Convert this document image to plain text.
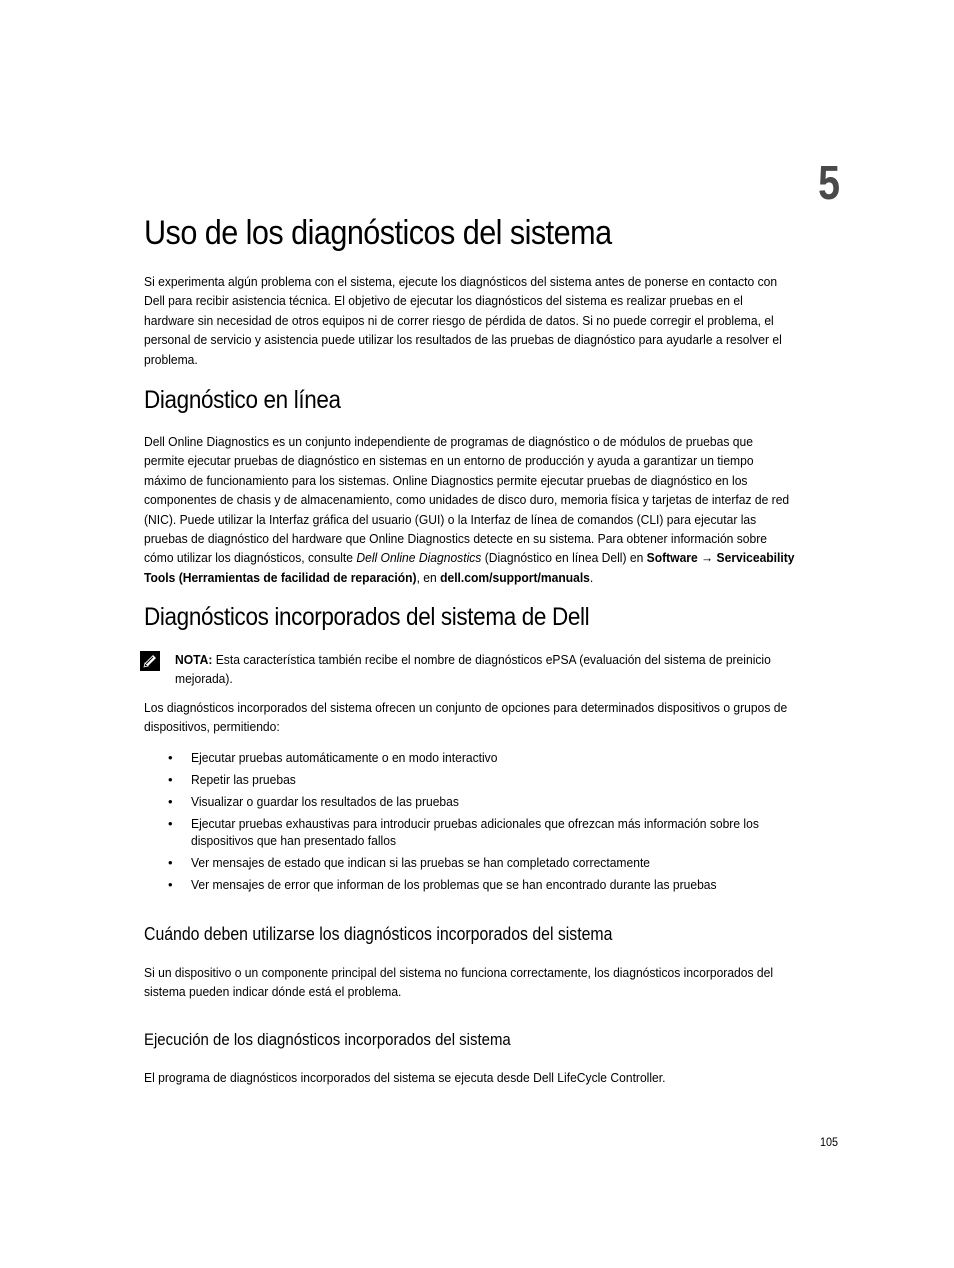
5
Uso de los diagnósticos del sistema
Si experimenta algún problema con el sistema, ejecute los diagnósticos del sistema antes de ponerse en contacto con
Dell para recibir asistencia técnica. El objetivo de ejecutar los diagnósticos del sistema es realizar pruebas en el
hardware sin necesidad de otros equipos ni de correr riesgo de pérdida de datos. Si no puede corregir el problema, el
personal de servicio y asistencia puede utilizar los resultados de las pruebas de diagnóstico para ayudarle a resolver el
problema.
Diagnóstico en línea
Dell Online Diagnostics es un conjunto independiente de programas de diagnóstico o de módulos de pruebas que
permite ejecutar pruebas de diagnóstico en sistemas en un entorno de producción y ayuda a garantizar un tiempo
máximo de funcionamiento para los sistemas. Online Diagnostics permite ejecutar pruebas de diagnóstico en los
componentes de chasis y de almacenamiento, como unidades de disco duro, memoria física y tarjetas de interfaz de red
(NIC). Puede utilizar la Interfaz gráfica del usuario (GUI) o la Interfaz de línea de comandos (CLI) para ejecutar las
pruebas de diagnóstico del hardware que Online Diagnostics detecte en su sistema. Para obtener información sobre
cómo utilizar los diagnósticos, consulte Dell Online Diagnostics (Diagnóstico en línea Dell) en Software → Serviceability
Tools (Herramientas de facilidad de reparación), en dell.com/support/manuals.
Diagnósticos incorporados del sistema de Dell
NOTA: Esta característica también recibe el nombre de diagnósticos ePSA (evaluación del sistema de preinicio
mejorada).
Los diagnósticos incorporados del sistema ofrecen un conjunto de opciones para determinados dispositivos o grupos de
dispositivos, permitiendo:
• Ejecutar pruebas automáticamente o en modo interactivo
• Repetir las pruebas
• Visualizar o guardar los resultados de las pruebas
• Ejecutar pruebas exhaustivas para introducir pruebas adicionales que ofrezcan más información sobre los
dispositivos que han presentado fallos
• Ver mensajes de estado que indican si las pruebas se han completado correctamente
• Ver mensajes de error que informan de los problemas que se han encontrado durante las pruebas
Cuándo deben utilizarse los diagnósticos incorporados del sistema
Si un dispositivo o un componente principal del sistema no funciona correctamente, los diagnósticos incorporados del
sistema pueden indicar dónde está el problema.
Ejecución de los diagnósticos incorporados del sistema
El programa de diagnósticos incorporados del sistema se ejecuta desde Dell LifeCycle Controller.
105
